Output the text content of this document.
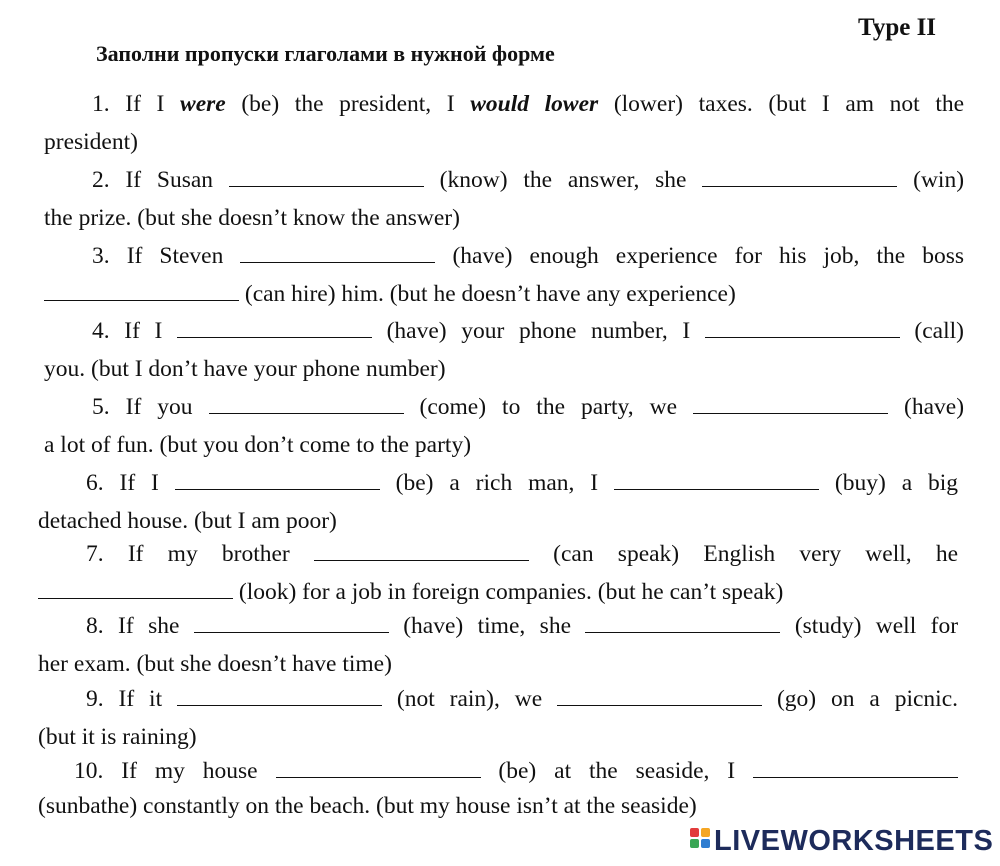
Type II
Заполни пропуски глаголами в нужной форме
1. If I were (be) the president, I would lower (lower) taxes. (but I am not the
president)
2. If Susan	(know) the answer, she	(win)
the prize. (but she doesn’t know the answer)
3. If Steven	(have) enough experience for his job, the boss
(can hire) him. (but he doesn’t have any experience)
4. If I	(have) your phone number, I	(call)
you. (but I don’t have your phone number)
5. If you	(come) to the party, we	(have)
a lot of fun. (but you don’t come to the party)
6. If I	(be) a rich man, I	(buy) a big
detached house. (but I am poor)
7. If my brother	(can speak) English very well, he
(look) for a job in foreign companies. (but he can’t speak)
8. If she	(have) time, she	(study) well for
her exam. (but she doesn’t have time)
9. If it	(not rain), we	(go) on a picnic.
(but it is raining)
10. If my house	(be) at the seaside, I
(sunbathe) constantly on the beach. (but my house isn’t at the seaside)
LIVEWORKSHEETS
